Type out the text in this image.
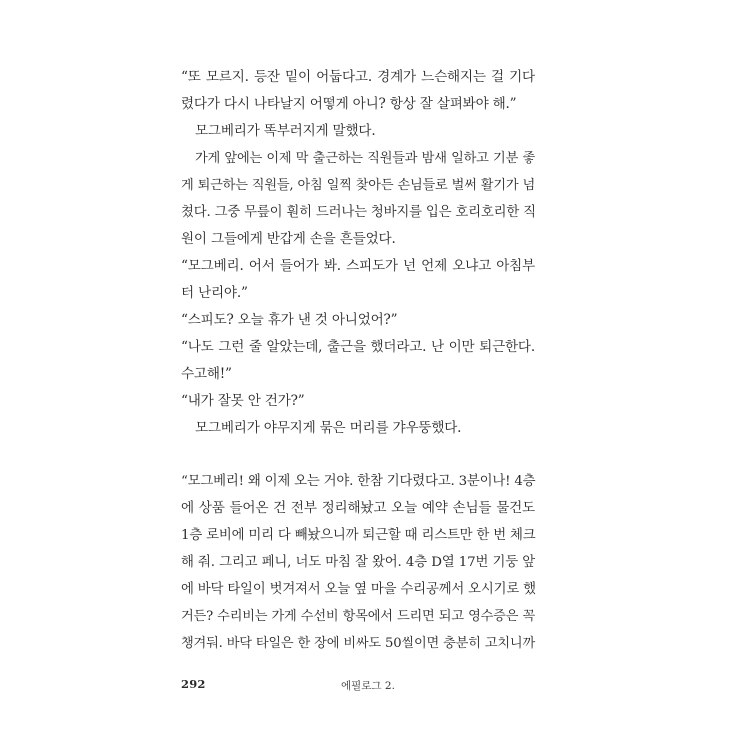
“또 모르지. 등잔 밑이 어둡다고. 경계가 느슨해지는 걸 기다
렸다가 다시 나타날지 어떻게 아니? 항상 잘 살펴봐야 해.”
모그베리가 똑부러지게 말했다.
가게 앞에는 이제 막 출근하는 직원들과 밤새 일하고 기분 좋
게 퇴근하는 직원들, 아침 일찍 찾아든 손님들로 벌써 활기가 넘
쳤다. 그중 무릎이 훤히 드러나는 청바지를 입은 호리호리한 직
원이 그들에게 반갑게 손을 흔들었다.
“모그베리. 어서 들어가 봐. 스피도가 넌 언제 오냐고 아침부
터 난리야.”
“스피도? 오늘 휴가 낸 것 아니었어?”
“나도 그런 줄 알았는데, 출근을 했더라고. 난 이만 퇴근한다.
수고해!”
“내가 잘못 안 건가?”
모그베리가 야무지게 묶은 머리를 갸우뚱했다.
“모그베리! 왜 이제 오는 거야. 한참 기다렸다고. 3분이나! 4층
에 상품 들어온 건 전부 정리해놨고 오늘 예약 손님들 물건도
1층 로비에 미리 다 빼놨으니까 퇴근할 때 리스트만 한 번 체크
해 줘. 그리고 페니, 너도 마침 잘 왔어. 4층 D열 17번 기둥 앞
에 바닥 타일이 벗겨져서 오늘 옆 마을 수리공께서 오시기로 했
거든? 수리비는 가게 수선비 항목에서 드리면 되고 영수증은 꼭
챙겨둬. 바닥 타일은 한 장에 비싸도 50씰이면 충분히 고치니까
292	에필로그 2.
